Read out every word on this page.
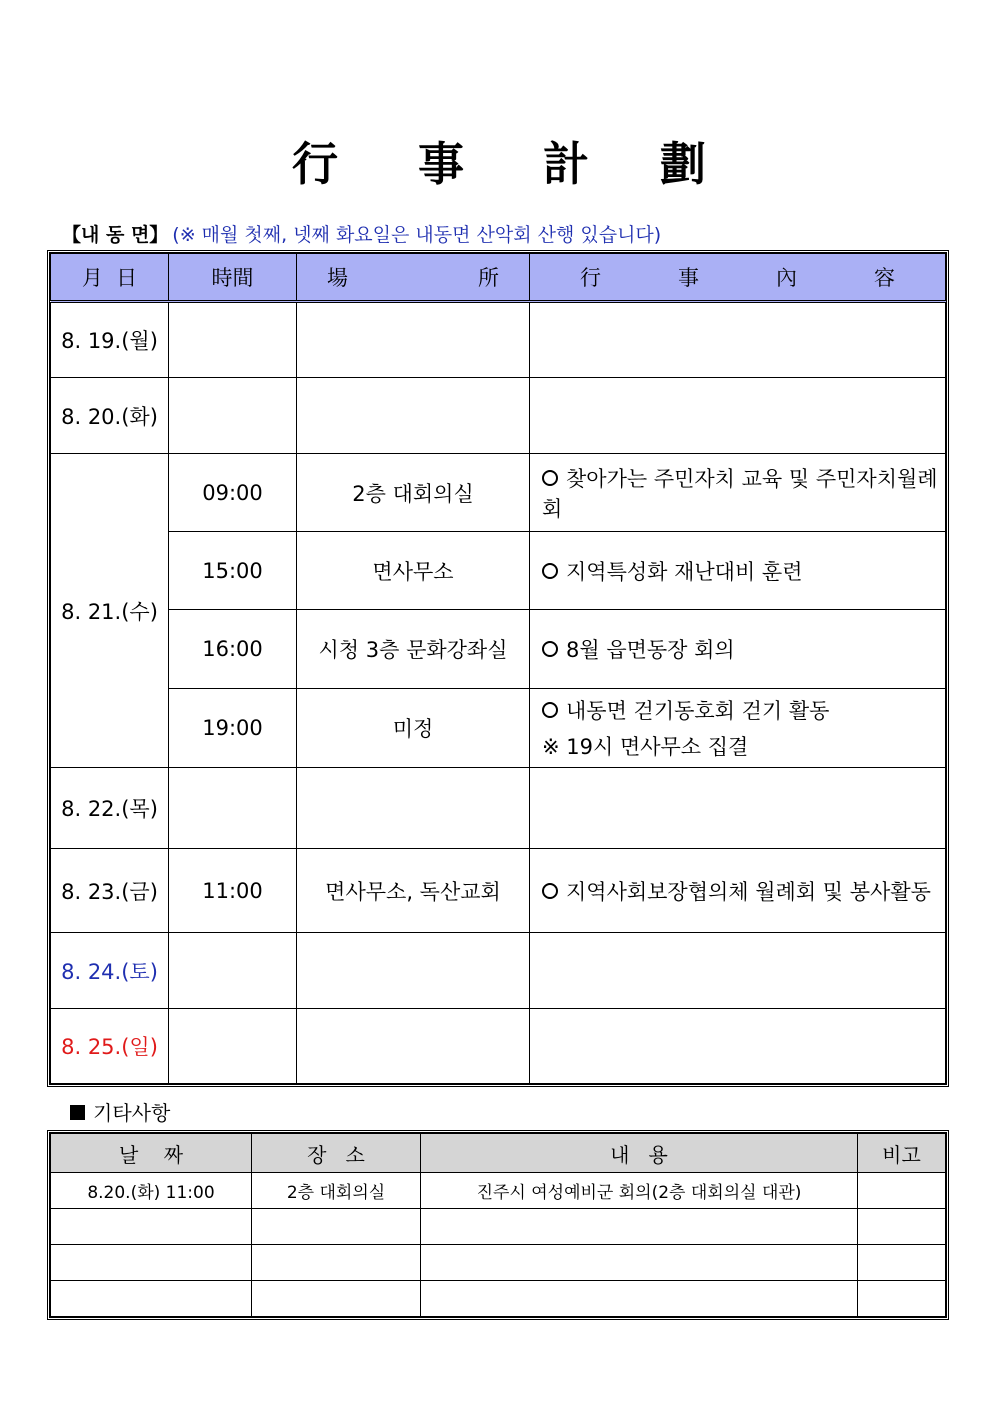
行 事 計 劃
【내 동 면】 (※ 매월 첫째, 넷째 화요일은 내동면 산악회 산행 있습니다)
月 日	時間	場 所	行 事 內 容

8. 19.(월)			
8. 20.(화)			
8. 21.(수)	09:00	2층 대회의실	찾아가는 주민자치 교육 및 주민자치월례회
	15:00	면사무소	지역특성화 재난대비 훈련
	16:00	시청 3층 문화강좌실	8월 읍면동장 회의
	19:00	미정	내동면 걷기동호회 걷기 활동
※ 19시 면사무소 집결

8. 22.(목)			
8. 23.(금)	11:00	면사무소, 독산교회	지역사회보장협의체 월례회 및 봉사활동
8. 24.(토)			
8. 25.(일)			
기타사항
날 짜	장 소	내 용	비고
8.20.(화) 11:00	2층 대회의실	진주시 여성예비군 회의(2층 대회의실 대관)	
